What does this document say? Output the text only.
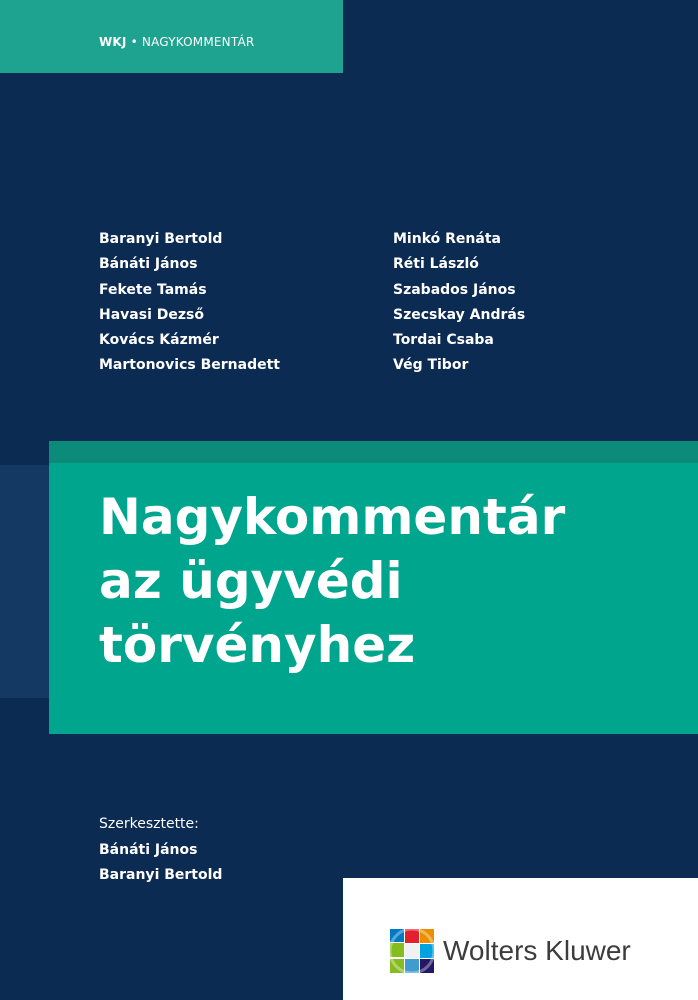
WKJ • NAGYKOMMENTÁR
Baranyi Bertold
Bánáti János
Fekete Tamás
Havasi Dezső
Kovács Kázmér
Martonovics Bernadett
Minkó Renáta
Réti László
Szabados János
Szecskay András
Tordai Csaba
Vég Tibor
Nagykommentár
az ügyvédi
törvényhez
Szerkesztette:
Bánáti János
Baranyi Bertold
Wolters Kluwer
